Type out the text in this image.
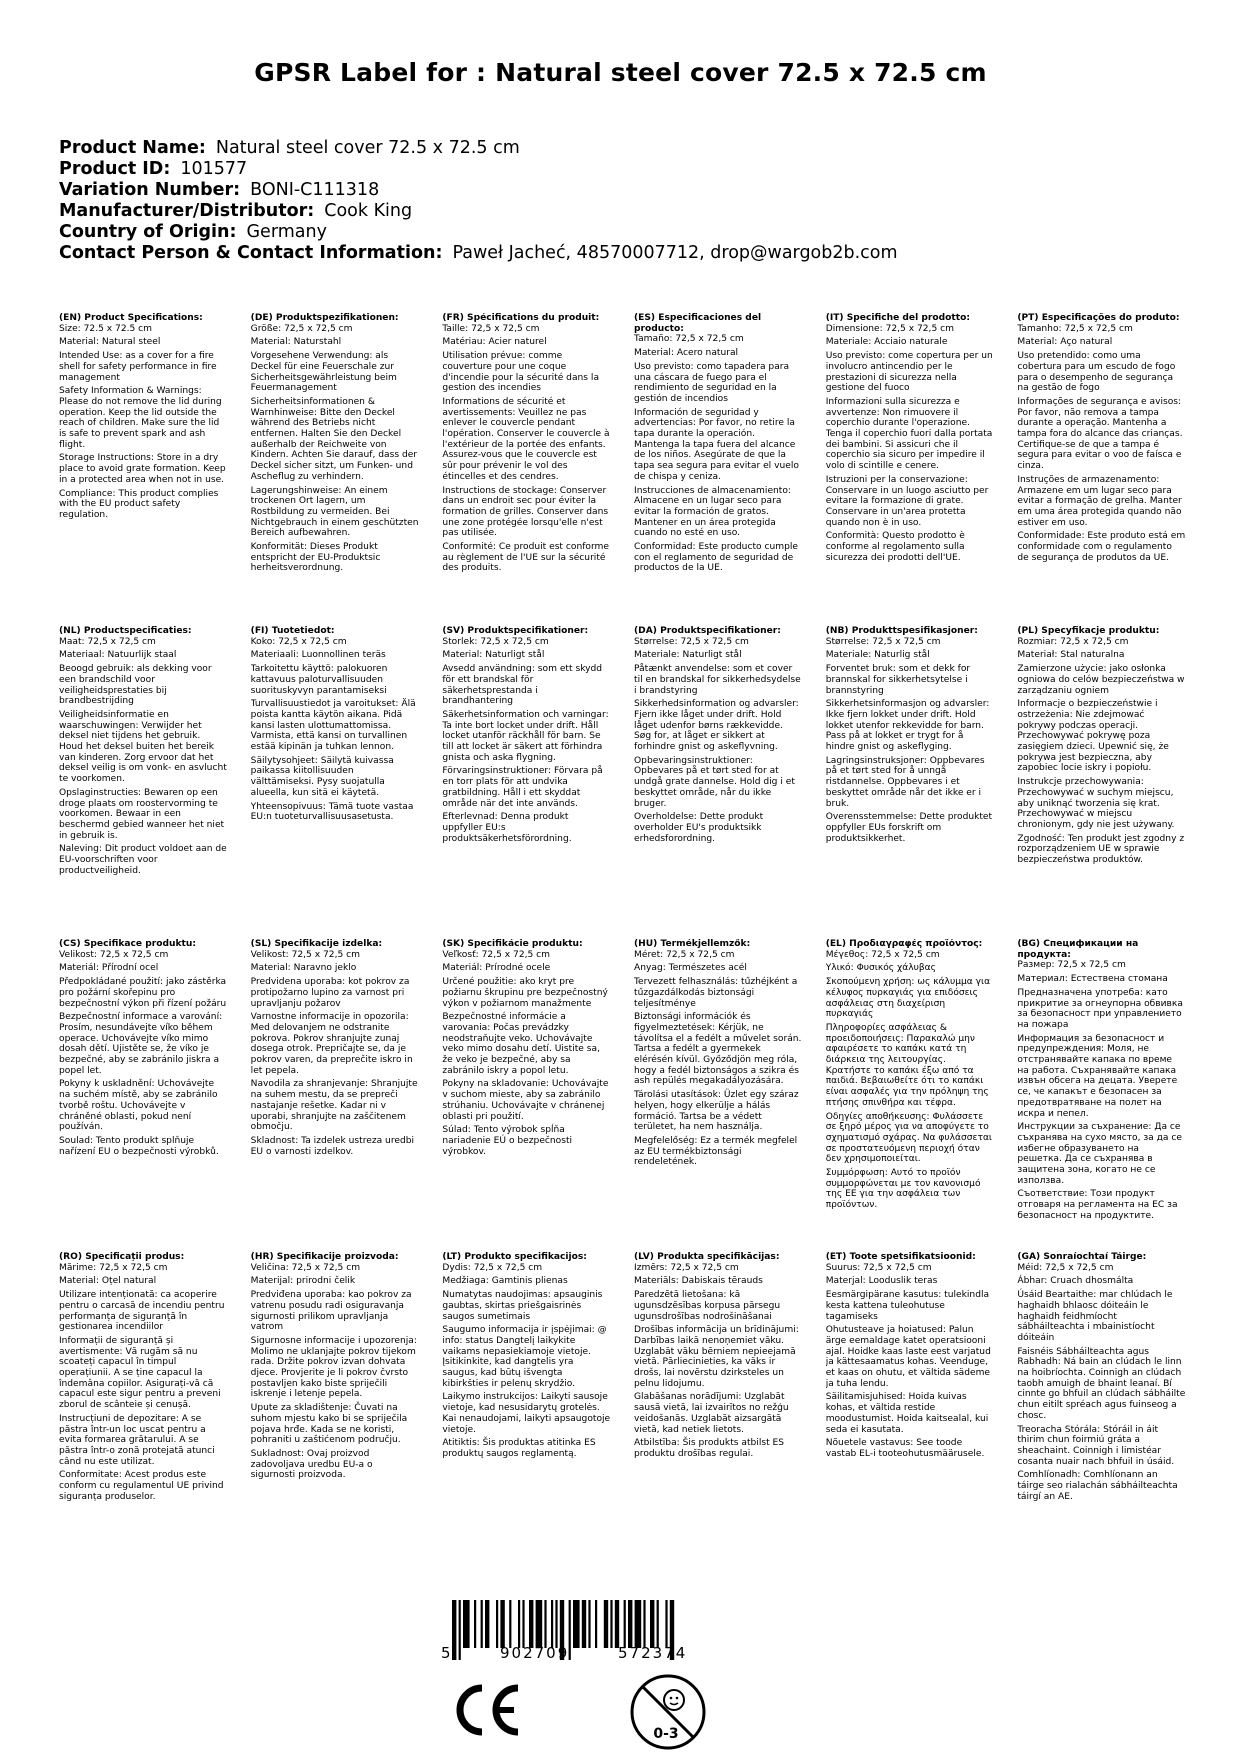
GPSR Label for : Natural steel cover 72.5 x 72.5 cm
Product Name: Natural steel cover 72.5 x 72.5 cm
Product ID: 101577
Variation Number: BONI-C111318
Manufacturer/Distributor: Cook King
Country of Origin: Germany
Contact Person & Contact Information: Paweł Jacheć, 48570007712, drop@wargob2b.com
(EN) Product Specifications:

Size: 72.5 x 72.5 cm

Material: Natural steel

Intended Use: as a cover for a fire shell for safety performance in fire management

Safety Information & Warnings: Please do not remove the lid during operation. Keep the lid outside the reach of children. Make sure the lid is safe to prevent spark and ash flight.

Storage Instructions: Store in a dry place to avoid grate formation. Keep in a protected area when not in use.

Compliance: This product complies with the EU product safety regulation.

(DE) Produktspezifikationen:

Größe: 72,5 x 72,5 cm

Material: Naturstahl

Vorgesehene Verwendung: als Deckel für eine Feuerschale zur Sicherheitsgewährleistung beim Feuermanagement

Sicherheitsinformationen & Warnhinweise: Bitte den Deckel während des Betriebs nicht entfernen. Halten Sie den Deckel außerhalb der Reichweite von Kindern. Achten Sie darauf, dass der Deckel sicher sitzt, um Funken- und Ascheflug zu verhindern.

Lagerungshinweise: An einem trockenen Ort lagern, um Rostbildung zu vermeiden. Bei Nichtgebrauch in einem geschützten Bereich aufbewahren.

Konformität: Dieses Produkt entspricht der EU-Produktsic herheitsverordnung.

(FR) Spécifications du produit:

Taille: 72,5 x 72,5 cm

Matériau: Acier naturel

Utilisation prévue: comme couverture pour une coque d'incendie pour la sécurité dans la gestion des incendies

Informations de sécurité et avertissements: Veuillez ne pas enlever le couvercle pendant l'opération. Conserver le couvercle à l'extérieur de la portée des enfants. Assurez-vous que le couvercle est sûr pour prévenir le vol des étincelles et des cendres.

Instructions de stockage: Conserver dans un endroit sec pour éviter la formation de grilles. Conserver dans une zone protégée lorsqu'elle n'est pas utilisée.

Conformité: Ce produit est conforme au règlement de l'UE sur la sécurité des produits.

(ES) Especificaciones del producto:

Tamaño: 72,5 x 72,5 cm

Material: Acero natural

Uso previsto: como tapadera para una cáscara de fuego para el rendimiento de seguridad en la gestión de incendios

Información de seguridad y advertencias: Por favor, no retire la tapa durante la operación. Mantenga la tapa fuera del alcance de los niños. Asegúrate de que la tapa sea segura para evitar el vuelo de chispa y ceniza.

Instrucciones de almacenamiento: Almacene en un lugar seco para evitar la formación de gratos. Mantener en un área protegida cuando no esté en uso.

Conformidad: Este producto cumple con el reglamento de seguridad de productos de la UE.

(IT) Specifiche del prodotto:

Dimensione: 72,5 x 72,5 cm

Materiale: Acciaio naturale

Uso previsto: come copertura per un involucro antincendio per le prestazioni di sicurezza nella gestione del fuoco

Informazioni sulla sicurezza e avvertenze: Non rimuovere il coperchio durante l'operazione. Tenga il coperchio fuori dalla portata dei bambini. Si assicuri che il coperchio sia sicuro per impedire il volo di scintille e cenere.

Istruzioni per la conservazione: Conservare in un luogo asciutto per evitare la formazione di grate. Conservare in un'area protetta quando non è in uso.

Conformità: Questo prodotto è conforme al regolamento sulla sicurezza dei prodotti dell'UE.

(PT) Especificações do produto:

Tamanho: 72,5 x 72,5 cm

Material: Aço natural

Uso pretendido: como uma cobertura para um escudo de fogo para o desempenho de segurança na gestão de fogo

Informações de segurança e avisos: Por favor, não remova a tampa durante a operação. Mantenha a tampa fora do alcance das crianças. Certifique-se de que a tampa é segura para evitar o voo de faísca e cinza.

Instruções de armazenamento: Armazene em um lugar seco para evitar a formação de grelha. Manter em uma área protegida quando não estiver em uso.

Conformidade: Este produto está em conformidade com o regulamento de segurança de produtos da UE.

(NL) Productspecificaties:

Maat: 72,5 x 72,5 cm

Materiaal: Natuurlijk staal

Beoogd gebruik: als dekking voor een brandschild voor veiligheidsprestaties bij brandbestrijding

Veiligheidsinformatie en waarschuwingen: Verwijder het deksel niet tijdens het gebruik. Houd het deksel buiten het bereik van kinderen. Zorg ervoor dat het deksel veilig is om vonk- en asvlucht te voorkomen.

Opslaginstructies: Bewaren op een droge plaats om roostervorming te voorkomen. Bewaar in een beschermd gebied wanneer het niet in gebruik is.

Naleving: Dit product voldoet aan de EU-voorschriften voor productveiligheid.

(FI) Tuotetiedot:

Koko: 72,5 x 72,5 cm

Materiaali: Luonnollinen teräs

Tarkoitettu käyttö: palokuoren kattavuus paloturvallisuuden suorituskyvyn parantamiseksi

Turvallisuustiedot ja varoitukset: Älä poista kantta käytön aikana. Pidä kansi lasten ulottumattomissa. Varmista, että kansi on turvallinen estää kipinän ja tuhkan lennon.

Säilytysohjeet: Säilytä kuivassa paikassa kiitollisuuden välttämiseksi. Pysy suojatulla alueella, kun sitä ei käytetä.

Yhteensopivuus: Tämä tuote vastaa EU:n tuoteturvallisuusasetusta.

(SV) Produktspecifikationer:

Storlek: 72,5 x 72,5 cm

Material: Naturligt stål

Avsedd användning: som ett skydd för ett brandskal för säkerhetsprestanda i brandhantering

Säkerhetsinformation och varningar: Ta inte bort locket under drift. Håll locket utanför räckhåll för barn. Se till att locket är säkert att förhindra gnista och aska flygning.

Förvaringsinstruktioner: Förvara på en torr plats för att undvika gratbildning. Håll i ett skyddat område när det inte används.

Efterlevnad: Denna produkt uppfyller EU:s produktsäkerhetsförordning.

(DA) Produktspecifikationer:

Størrelse: 72,5 x 72,5 cm

Materiale: Naturligt stål

Påtænkt anvendelse: som et cover til en brandskal for sikkerhedsydelse i brandstyring

Sikkerhedsinformation og advarsler: Fjern ikke låget under drift. Hold låget udenfor børns rækkevidde. Søg for, at låget er sikkert at forhindre gnist og askeflyvning.

Opbevaringsinstruktioner: Opbevares på et tørt sted for at undgå grate dannelse. Hold dig i et beskyttet område, når du ikke bruger.

Overholdelse: Dette produkt overholder EU's produktsikk erhedsforordning.

(NB) Produkttspesifikasjoner:

Størrelse: 72,5 x 72,5 cm

Materiale: Naturlig stål

Forventet bruk: som et dekk for brannskal for sikkerhetsytelse i brannstyring

Sikkerhetsinformasjon og advarsler: Ikke fjern lokket under drift. Hold lokket utenfor rekkevidde for barn. Pass på at lokket er trygt for å hindre gnist og askeflyging.

Lagringsinstruksjoner: Oppbevares på et tørt sted for å unngå ristdannelse. Oppbevares i et beskyttet område når det ikke er i bruk.

Overensstemmelse: Dette produktet oppfyller EUs forskrift om produktsikkerhet.

(PL) Specyfikacje produktu:

Rozmiar: 72,5 x 72,5 cm

Materiał: Stal naturalna

Zamierzone użycie: jako osłonka ogniowa do celów bezpieczeństwa w zarządzaniu ogniem

Informacje o bezpieczeństwie i ostrzeżenia: Nie zdejmować pokrywy podczas operacji. Przechowywać pokrywę poza zasięgiem dzieci. Upewnić się, że pokrywa jest bezpieczna, aby zapobiec locie iskry i popiołu.

Instrukcje przechowywania: Przechowywać w suchym miejscu, aby uniknąć tworzenia się krat. Przechowywać w miejscu chronionym, gdy nie jest używany.

Zgodność: Ten produkt jest zgodny z rozporządzeniem UE w sprawie bezpieczeństwa produktów.

(CS) Specifikace produktu:

Velikost: 72,5 x 72,5 cm

Materiál: Přírodní ocel

Předpokládané použití: jako zástěrka pro požární skořepinu pro bezpečnostní výkon při řízení požáru

Bezpečnostní informace a varování: Prosím, nesundávejte víko během operace. Uchovávejte víko mimo dosah dětí. Ujistěte se, že víko je bezpečné, aby se zabránilo jiskra a popel let.

Pokyny k uskladnění: Uchovávejte na suchém místě, aby se zabránilo tvorbě roštu. Uchovávejte v chráněné oblasti, pokud není používán.

Soulad: Tento produkt splňuje nařízení EU o bezpečnosti výrobků.

(SL) Specifikacije izdelka:

Velikost: 72,5 x 72,5 cm

Material: Naravno jeklo

Predvidena uporaba: kot pokrov za protipožarno lupino za varnost pri upravljanju požarov

Varnostne informacije in opozorila: Med delovanjem ne odstranite pokrova. Pokrov shranjujte zunaj dosega otrok. Prepričajte se, da je pokrov varen, da preprečite iskro in let pepela.

Navodila za shranjevanje: Shranjujte na suhem mestu, da se prepreči nastajanje rešetke. Kadar ni v uporabi, shranjujte na zaščitenem območju.

Skladnost: Ta izdelek ustreza uredbi EU o varnosti izdelkov.

(SK) Špecifikácie produktu:

Veľkosť: 72,5 x 72,5 cm

Materiál: Prírodné ocele

Určené použitie: ako kryt pre požiarnu škrupinu pre bezpečnostný výkon v požiarnom manažmente

Bezpečnostné informácie a varovania: Počas prevádzky neodstraňujte veko. Uchovávajte veko mimo dosahu detí. Uistite sa, že veko je bezpečné, aby sa zabránilo iskry a popol letu.

Pokyny na skladovanie: Uchovávajte v suchom mieste, aby sa zabránilo strúhaniu. Uchovávajte v chránenej oblasti pri použití.

Súlad: Tento výrobok spĺňa nariadenie EÚ o bezpečnosti výrobkov.

(HU) Termékjellemzők:

Méret: 72,5 x 72,5 cm

Anyag: Természetes acél

Tervezett felhasználás: tűzhéjként a tűzgazdálkodás biztonsági teljesítménye

Biztonsági információk és figyelmeztetések: Kérjük, ne távolítsa el a fedélt a művelet során. Tartsa a fedélt a gyermekek elérésén kívül. Győződjön meg róla, hogy a fedél biztonságos a szikra és ash repülés megakadályozására.

Tárolási utasítások: Üzlet egy száraz helyen, hogy elkerülje a hálás formáció. Tartsa be a védett területet, ha nem használja.

Megfelelőség: Ez a termék megfelel az EU termékbiztonsági rendeletének.

(EL) Προδιαγραφές προϊόντος:

Μέγεθος: 72,5 x 72,5 cm

Υλικό: Φυσικός χάλυβας

Σκοπούμενη χρήση: ως κάλυμμα για κέλυφος πυρκαγιάς για επιδόσεις ασφάλειας στη διαχείριση πυρκαγιάς

Πληροφορίες ασφάλειας & προειδοποιήσεις: Παρακαλώ μην αφαιρέσετε το καπάκι κατά τη διάρκεια της λειτουργίας. Κρατήστε το καπάκι έξω από τα παιδιά. Βεβαιωθείτε ότι το καπάκι είναι ασφαλές για την πρόληψη της πτήσης σπινθήρα και τέφρα.

Οδηγίες αποθήκευσης: Φυλάσσετε σε ξηρό μέρος για να αποφύγετε το σχηματισμό σχάρας. Να φυλάσσεται σε προστατευόμενη περιοχή όταν δεν χρησιμοποιείται.

Συμμόρφωση: Αυτό το προϊόν συμμορφώνεται με τον κανονισμό της ΕΕ για την ασφάλεια των προϊόντων.

(BG) Спецификации на продукта:

Размер: 72,5 x 72,5 cm

Материал: Естествена стомана

Предназначена употреба: като прикритие за огнеупорна обвивка за безопасност при управлението на пожара

Информация за безопасност и предупреждения: Моля, не отстранявайте капака по време на работа. Съхранявайте капака извън обсега на децата. Уверете се, че капакът е безопасен за предотвратяване на полет на искра и пепел.

Инструкции за съхранение: Да се съхранява на сухо място, за да се избегне образуването на решетка. Да се съхранява в защитена зона, когато не се използва.

Съответствие: Този продукт отговаря на регламента на ЕС за безопасност на продуктите.

(RO) Specificații produs:

Mărime: 72,5 x 72,5 cm

Material: Oțel natural

Utilizare intenționată: ca acoperire pentru o carcasă de incendiu pentru performanța de siguranță în gestionarea incendiilor

Informații de siguranță și avertismente: Vă rugăm să nu scoateți capacul în timpul operațiunii. A se ține capacul la îndemâna copiilor. Asigurați-vă că capacul este sigur pentru a preveni zborul de scânteie și cenușă.

Instrucțiuni de depozitare: A se păstra într-un loc uscat pentru a evita formarea grătarului. A se păstra într-o zonă protejată atunci când nu este utilizat.

Conformitate: Acest produs este conform cu regulamentul UE privind siguranța produselor.

(HR) Specifikacije proizvoda:

Veličina: 72,5 x 72,5 cm

Materijal: prirodni čelik

Predviđena uporaba: kao pokrov za vatrenu posudu radi osiguravanja sigurnosti prilikom upravljanja vatrom

Sigurnosne informacije i upozorenja: Molimo ne uklanjajte pokrov tijekom rada. Držite pokrov izvan dohvata djece. Provjerite je li pokrov čvrsto postavljen kako biste spriječili iskrenje i letenje pepela.

Upute za skladištenje: Čuvati na suhom mjestu kako bi se spriječila pojava hrđe. Kada se ne koristi, pohraniti u zaštićenom području.

Sukladnost: Ovaj proizvod zadovoljava uredbu EU-a o sigurnosti proizvoda.

(LT) Produkto specifikacijos:

Dydis: 72,5 x 72,5 cm

Medžiaga: Gamtinis plienas

Numatytas naudojimas: apsauginis gaubtas, skirtas priešgaisrinės saugos sumetimais

Saugumo informacija ir įspėjimai: @ info: status Dangtelį laikykite vaikams nepasiekiamoje vietoje. Įsitikinkite, kad dangtelis yra saugus, kad būtų išvengta kibirkšties ir pelenų skrydžio.

Laikymo instrukcijos: Laikyti sausoje vietoje, kad nesusidarytų grotelės. Kai nenaudojami, laikyti apsaugotoje vietoje.

Atitiktis: Šis produktas atitinka ES produktų saugos reglamentą.

(LV) Produkta specifikācijas:

Izmērs: 72,5 x 72,5 cm

Materiāls: Dabiskais tērauds

Paredzētā lietošana: kā ugunsdzēsības korpusa pārsegu ugunsdrošības nodrošināšanai

Drošības informācija un brīdinājumi: Darbības laikā nenoņemiet vāku. Uzglabāt vāku bērniem nepieejamā vietā. Pārliecinieties, ka vāks ir drošs, lai novērstu dzirksteles un pelnu lidojumu.

Glabāšanas norādījumi: Uzglabāt sausā vietā, lai izvairītos no režģu veidošanās. Uzglabāt aizsargātā vietā, kad netiek lietots.

Atbilstība: Šis produkts atbilst ES produktu drošības regulai.

(ET) Toote spetsifikatsioonid:

Suurus: 72,5 x 72,5 cm

Materjal: Looduslik teras

Eesmärgipärane kasutus: tulekindla kesta kattena tuleohutuse tagamiseks

Ohutusteave ja hoiatused: Palun ärge eemaldage katet operatsiooni ajal. Hoidke kaas laste eest varjatud ja kättesaamatus kohas. Veenduge, et kaas on ohutu, et vältida sädeme ja tuha lendu.

Säilitamisjuhised: Hoida kuivas kohas, et vältida restide moodustumist. Hoida kaitsealal, kui seda ei kasutata.

Nõuetele vastavus: See toode vastab EL-i tooteohutusmäärusele.

(GA) Sonraíochtaí Táirge:

Méid: 72,5 x 72,5 cm

Ábhar: Cruach dhosmálta

Úsáid Beartaithe: mar chlúdach le haghaidh bhlaosc dóiteáin le haghaidh feidhmíocht sábháilteachta i mbainistíocht dóiteáin

Faisnéis Sábháilteachta agus Rabhadh: Ná bain an clúdach le linn na hoibríochta. Coinnigh an clúdach taobh amuigh de bhaint leanaí. Bí cinnte go bhfuil an clúdach sábháilte chun eitilt spréach agus fuinseog a chosc.

Treoracha Stórála: Stóráil in áit thirim chun foirmiú gráta a sheachaint. Coinnigh i limistéar cosanta nuair nach bhfuil in úsáid.

Comhlíonadh: Comhlíonann an táirge seo rialachán sábháilteachta táirgí an AE.

5	902709	572374
0-3
